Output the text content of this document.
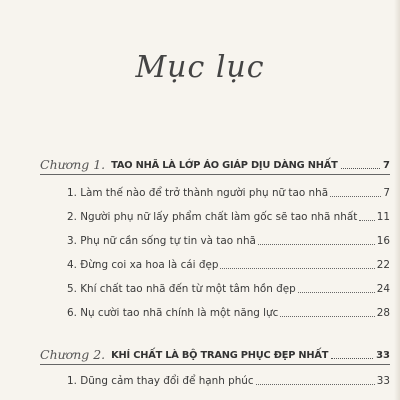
Mục lục
Chương 1. TAO NHÃ LÀ LỚP ÁO GIÁP DỊU DÀNG NHẤT	7
1. Làm thế nào để trở thành người phụ nữ tao nhã	7
2. Người phụ nữ lấy phẩm chất làm gốc sẽ tao nhã nhất 11
3. Phụ nữ cần sống tự tin và tao nhã	16
4. Đừng coi xa hoa là cái đẹp	22
5. Khí chất tao nhã đến từ một tâm hồn đẹp	24
6. Nụ cười tao nhã chính là một năng lực	28
Chương 2. KHÍ CHẤT LÀ BỘ TRANG PHỤC ĐẸP NHẤT	33
1. Dũng cảm thay đổi để hạnh phúc	33
